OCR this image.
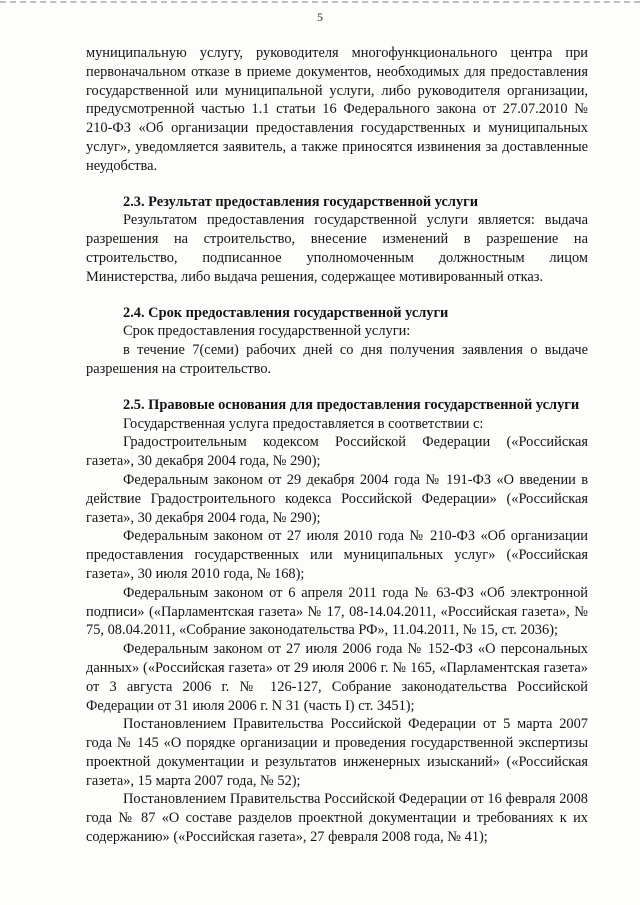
5

муниципальную услугу, руководителя многофункционального центра при первоначальном отказе в приеме документов, необходимых для предоставления государственной или муниципальной услуги, либо руководителя организации, предусмотренной частью 1.1 статьи 16 Федерального закона от 27.07.2010 № 210-ФЗ «Об организации предоставления государственных и муниципальных услуг», уведомляется заявитель, а также приносятся извинения за доставленные неудобства.

2.3. Результат предоставления государственной услуги

Результатом предоставления государственной услуги является: выдача разрешения на строительство, внесение изменений в разрешение на строительство, подписанное уполномоченным должностным лицом Министерства, либо выдача решения, содержащее мотивированный отказ.

2.4. Срок предоставления государственной услуги

Срок предоставления государственной услуги:

в течение 7(семи) рабочих дней со дня получения заявления о выдаче разрешения на строительство.

2.5. Правовые основания для предоставления государственной услуги

Государственная услуга предоставляется в соответствии с:

Градостроительным кодексом Российской Федерации («Российская газета», 30 декабря 2004 года, № 290);

Федеральным законом от 29 декабря 2004 года № 191-ФЗ «О введении в действие Градостроительного кодекса Российской Федерации» («Российская газета», 30 декабря 2004 года, № 290);

Федеральным законом от 27 июля 2010 года № 210-ФЗ «Об организации предоставления государственных или муниципальных услуг» («Российская газета», 30 июля 2010 года, № 168);

Федеральным законом от 6 апреля 2011 года № 63-ФЗ «Об электронной подписи» («Парламентская газета» № 17, 08-14.04.2011, «Российская газета», № 75, 08.04.2011, «Собрание законодательства РФ», 11.04.2011, № 15, ст. 2036);

Федеральным законом от 27 июля 2006 года № 152-ФЗ «О персональных данных» («Российская газета» от 29 июля 2006 г. № 165, «Парламентская газета» от 3 августа 2006 г. № 126-127, Собрание законодательства Российской Федерации от 31 июля 2006 г. N 31 (часть I) ст. 3451);

Постановлением Правительства Российской Федерации от 5 марта 2007 года № 145 «О порядке организации и проведения государственной экспертизы проектной документации и результатов инженерных изысканий» («Российская газета», 15 марта 2007 года, № 52);

Постановлением Правительства Российской Федерации от 16 февраля 2008 года № 87 «О составе разделов проектной документации и требованиях к их содержанию» («Российская газета», 27 февраля 2008 года, № 41);
